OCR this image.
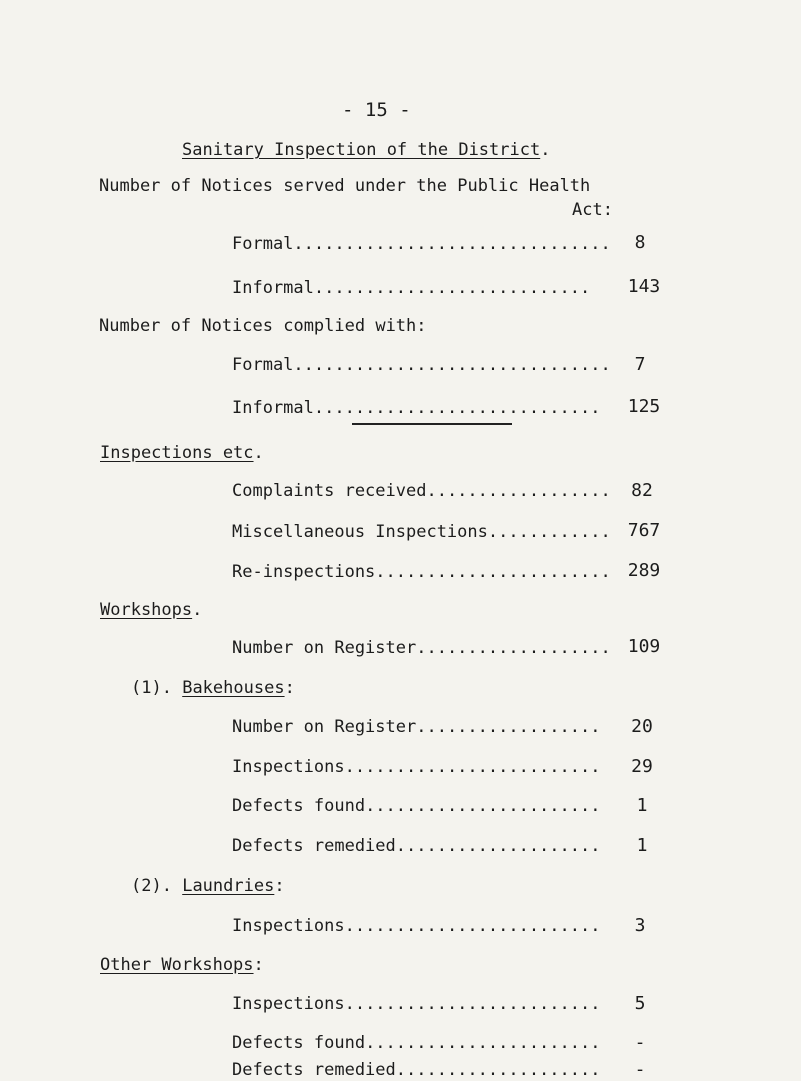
- 15 -
Sanitary Inspection of the District.
Number of Notices served under the Public Health
Act:
Formal...............................	8
Informal...........................	143
Number of Notices complied with:
Formal...............................	7
Informal............................	125
Inspections etc.
Complaints received..................	82
Miscellaneous Inspections............ 767
Re-inspections....................... 289
Workshops.
Number on Register................... 109
(1). Bakehouses:
Number on Register..................	20
Inspections.........................	29
Defects found.......................	1
Defects remedied....................	1
(2). Laundries:
Inspections.........................	3
Other Workshops:
Inspections.........................	5
Defects found.......................	-
Defects remedied....................	-
